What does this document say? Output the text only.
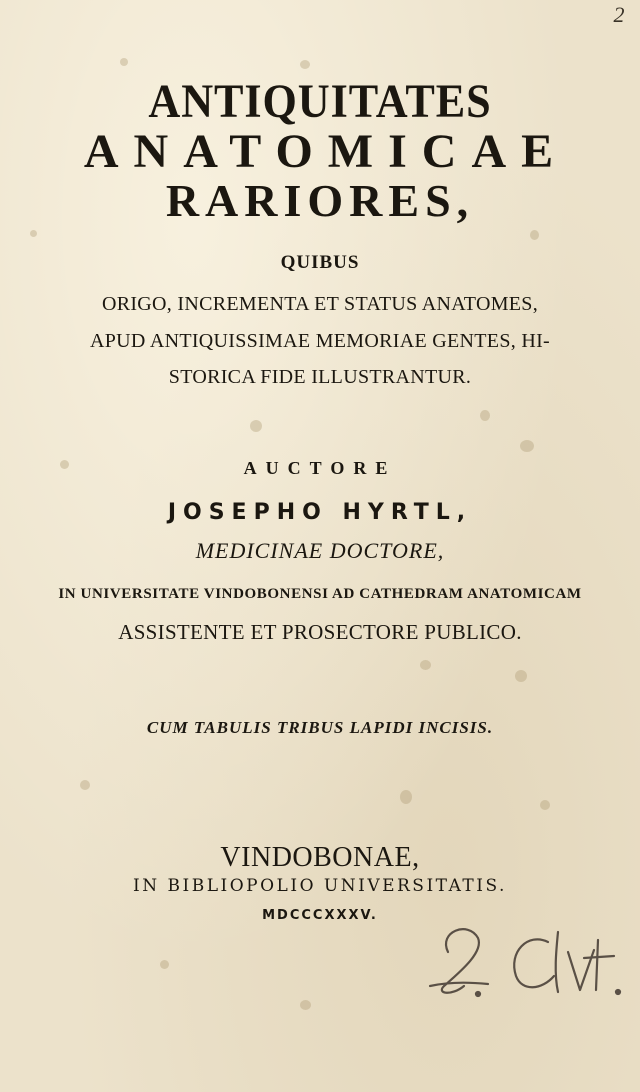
2
ANTIQUITATES
ANATOMICAE
RARIORES,
QUIBUS
ORIGO, INCREMENTA ET STATUS ANATOMES,
APUD ANTIQUISSIMAE MEMORIAE GENTES, HI-
STORICA FIDE ILLUSTRANTUR.
AUCTORE
JOSEPHO HYRTL,
MEDICINAE DOCTORE,
IN UNIVERSITATE VINDOBONENSI AD CATHEDRAM ANATOMICAM
ASSISTENTE ET PROSECTORE PUBLICO.
CUM TABULIS TRIBUS LAPIDI INCISIS.
VINDOBONAE,
IN BIBLIOPOLIO UNIVERSITATIS.
MDCCCXXXV.
